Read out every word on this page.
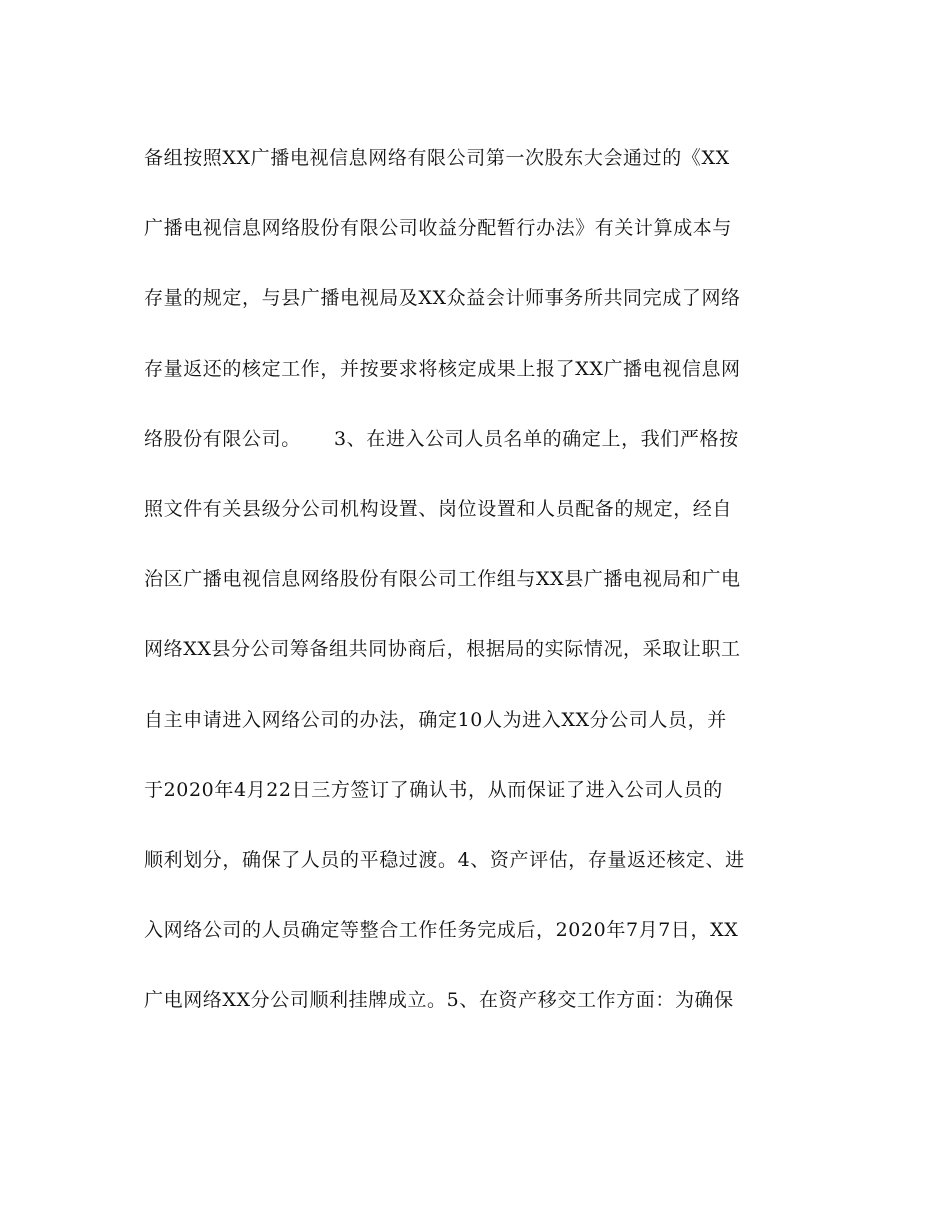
备组按照XX广播电视信息网络有限公司第一次股东大会通过的《XX
广播电视信息网络股份有限公司收益分配暂行办法》有关计算成本与
存量的规定，与县广播电视局及XX众益会计师事务所共同完成了网络
存量返还的核定工作，并按要求将核定成果上报了XX广播电视信息网
络股份有限公司。     3、在进入公司人员名单的确定上，我们严格按
照文件有关县级分公司机构设置、岗位设置和人员配备的规定，经自
治区广播电视信息网络股份有限公司工作组与XX县广播电视局和广电
网络XX县分公司筹备组共同协商后，根据局的实际情况，采取让职工
自主申请进入网络公司的办法，确定10人为进入XX分公司人员，并
于2020年4月22日三方签订了确认书，从而保证了进入公司人员的
顺利划分，确保了人员的平稳过渡。4、资产评估，存量返还核定、进
入网络公司的人员确定等整合工作任务完成后，2020年7月7日，XX
广电网络XX分公司顺利挂牌成立。5、在资产移交工作方面：为确保
